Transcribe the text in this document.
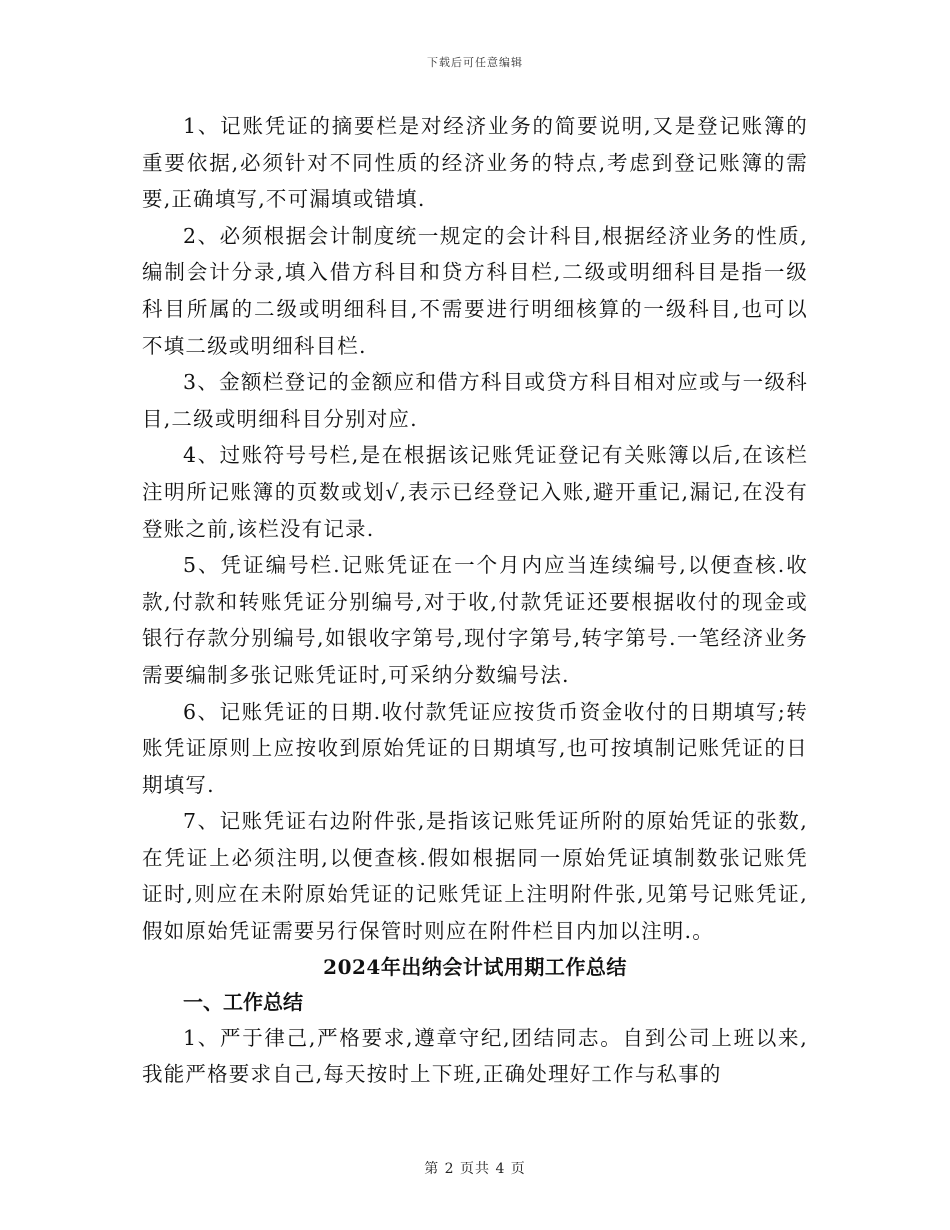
下载后可任意编辑

1、记账凭证的摘要栏是对经济业务的简要说明,又是登记账簿的重要依据,必须针对不同性质的经济业务的特点,考虑到登记账簿的需要,正确填写,不可漏填或错填.

2、必须根据会计制度统一规定的会计科目,根据经济业务的性质,编制会计分录,填入借方科目和贷方科目栏,二级或明细科目是指一级科目所属的二级或明细科目,不需要进行明细核算的一级科目,也可以不填二级或明细科目栏.

3、金额栏登记的金额应和借方科目或贷方科目相对应或与一级科目,二级或明细科目分别对应.

4、过账符号号栏,是在根据该记账凭证登记有关账簿以后,在该栏注明所记账簿的页数或划√,表示已经登记入账,避开重记,漏记,在没有登账之前,该栏没有记录.

5、凭证编号栏.记账凭证在一个月内应当连续编号,以便查核.收款,付款和转账凭证分别编号,对于收,付款凭证还要根据收付的现金或银行存款分别编号,如银收字第号,现付字第号,转字第号.一笔经济业务需要编制多张记账凭证时,可采纳分数编号法.

6、记账凭证的日期.收付款凭证应按货币资金收付的日期填写;转账凭证原则上应按收到原始凭证的日期填写,也可按填制记账凭证的日期填写.

7、记账凭证右边附件张,是指该记账凭证所附的原始凭证的张数,在凭证上必须注明,以便查核.假如根据同一原始凭证填制数张记账凭证时,则应在未附原始凭证的记账凭证上注明附件张,见第号记账凭证,假如原始凭证需要另行保管时则应在附件栏目内加以注明.。

2024年出纳会计试用期工作总结

一、工作总结

1、严于律己,严格要求,遵章守纪,团结同志。自到公司上班以来,我能严格要求自己,每天按时上下班,正确处理好工作与私事的

第 2 页共 4 页
